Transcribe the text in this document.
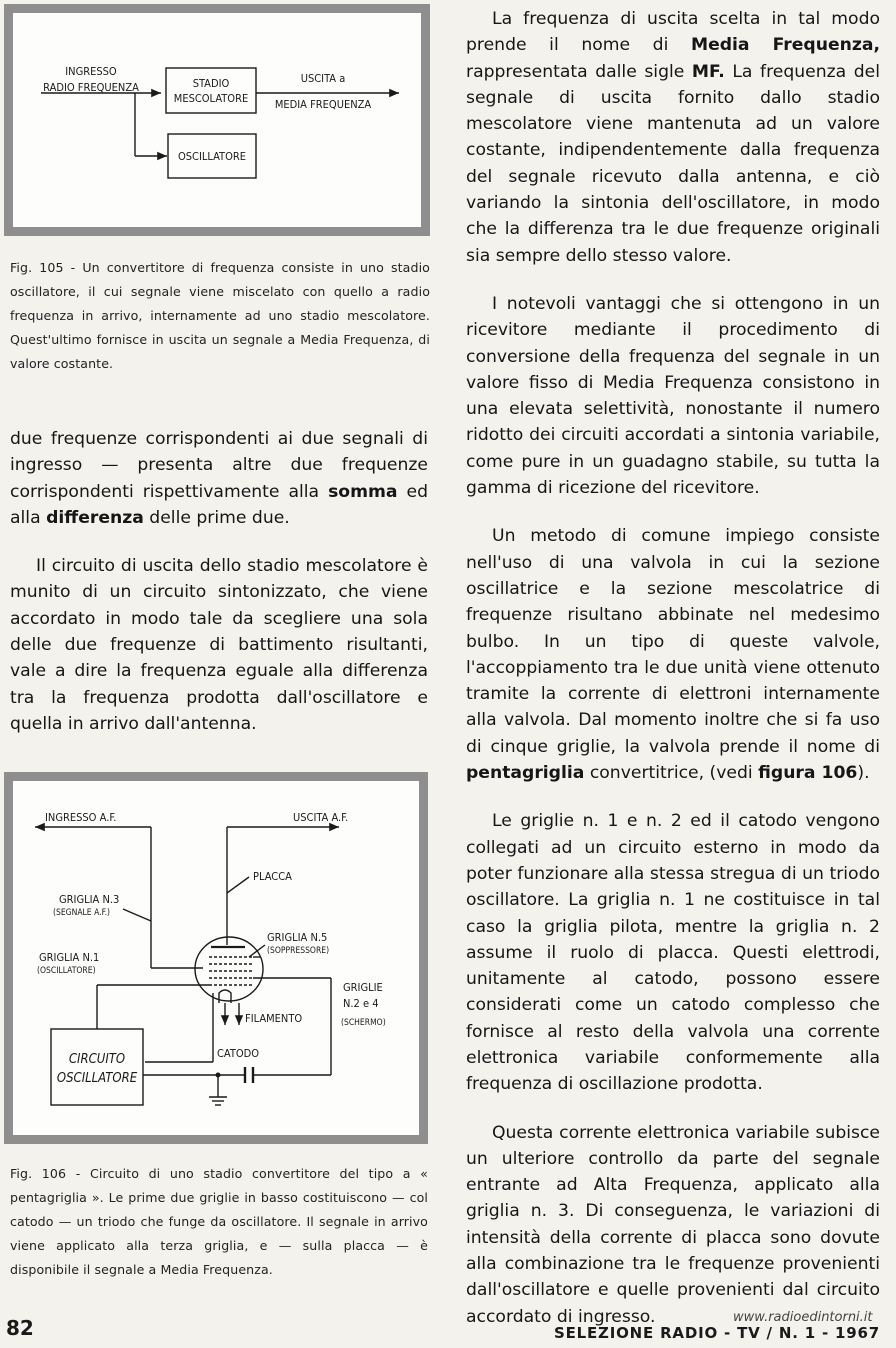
INGRESSO
RADIO FREQUENZA	STADIO
MESCOLATORE
USCITA a
MEDIA FREQUENZA
OSCILLATORE
Fig. 105 - Un convertitore di frequenza consiste in uno stadio oscillatore, il cui segnale viene miscelato con quello a radio frequenza in arrivo, internamente ad uno stadio mescolatore. Quest'ultimo fornisce in uscita un segnale a Media Frequenza, di valore costante.

due frequenze corrispondenti ai due segnali di ingresso — presenta altre due frequenze corrispondenti rispettivamente alla somma ed alla differenza delle prime due.

Il circuito di uscita dello stadio mescolatore è munito di un circuito sintonizzato, che viene accordato in modo tale da scegliere una sola delle due frequenze di battimento risultanti, vale a dire la frequenza eguale alla differenza tra la frequenza prodotta dall'oscillatore e quella in arrivo dall'antenna.

INGRESSO A.F.	USCITA A.F.
PLACCA
GRIGLIA N.3
(SEGNALE A.F.)
GRIGLIA N.5
(SOPPRESSORE)
GRIGLIA N.1
(OSCILLATORE)
GRIGLIE
N.2 e 4
(SCHERMO)
FILAMENTO
CATODO
CIRCUITO
OSCILLATORE
Fig. 106 - Circuito di uno stadio convertitore del tipo a « pentagriglia ». Le prime due griglie in basso costituiscono — col catodo — un triodo che funge da oscillatore. Il segnale in arrivo viene applicato alla terza griglia, e — sulla placca — è disponibile il segnale a Media Frequenza.

La frequenza di uscita scelta in tal modo prende il nome di Media Frequenza, rappresentata dalle sigle MF. La frequenza del segnale di uscita fornito dallo stadio mescolatore viene mantenuta ad un valore costante, indipendentemente dalla frequenza del segnale ricevuto dalla antenna, e ciò variando la sintonia dell'oscillatore, in modo che la differenza tra le due frequenze originali sia sempre dello stesso valore.

I notevoli vantaggi che si ottengono in un ricevitore mediante il procedimento di conversione della frequenza del segnale in un valore fisso di Media Frequenza consistono in una elevata selettività, nonostante il numero ridotto dei circuiti accordati a sintonia variabile, come pure in un guadagno stabile, su tutta la gamma di ricezione del ricevitore.

Un metodo di comune impiego consiste nell'uso di una valvola in cui la sezione oscillatrice e la sezione mescolatrice di frequenze risultano abbinate nel medesimo bulbo. In un tipo di queste valvole, l'accoppiamento tra le due unità viene ottenuto tramite la corrente di elettroni internamente alla valvola. Dal momento inoltre che si fa uso di cinque griglie, la valvola prende il nome di pentagriglia convertitrice, (vedi figura 106).

Le griglie n. 1 e n. 2 ed il catodo vengono collegati ad un circuito esterno in modo da poter funzionare alla stessa stregua di un triodo oscillatore. La griglia n. 1 ne costituisce in tal caso la griglia pilota, mentre la griglia n. 2 assume il ruolo di placca. Questi elettrodi, unitamente al catodo, possono essere considerati come un catodo complesso che fornisce al resto della valvola una corrente elettronica variabile conformemente alla frequenza di oscillazione prodotta.

Questa corrente elettronica variabile subisce un ulteriore controllo da parte del segnale entrante ad Alta Frequenza, applicato alla griglia n. 3. Di conseguenza, le variazioni di intensità della corrente di placca sono dovute alla combinazione tra le frequenze provenienti dall'oscillatore e quelle provenienti dal circuito accordato di ingresso.

82	www.radioedintorni.it
SELEZIONE RADIO - TV / N. 1 - 1967
